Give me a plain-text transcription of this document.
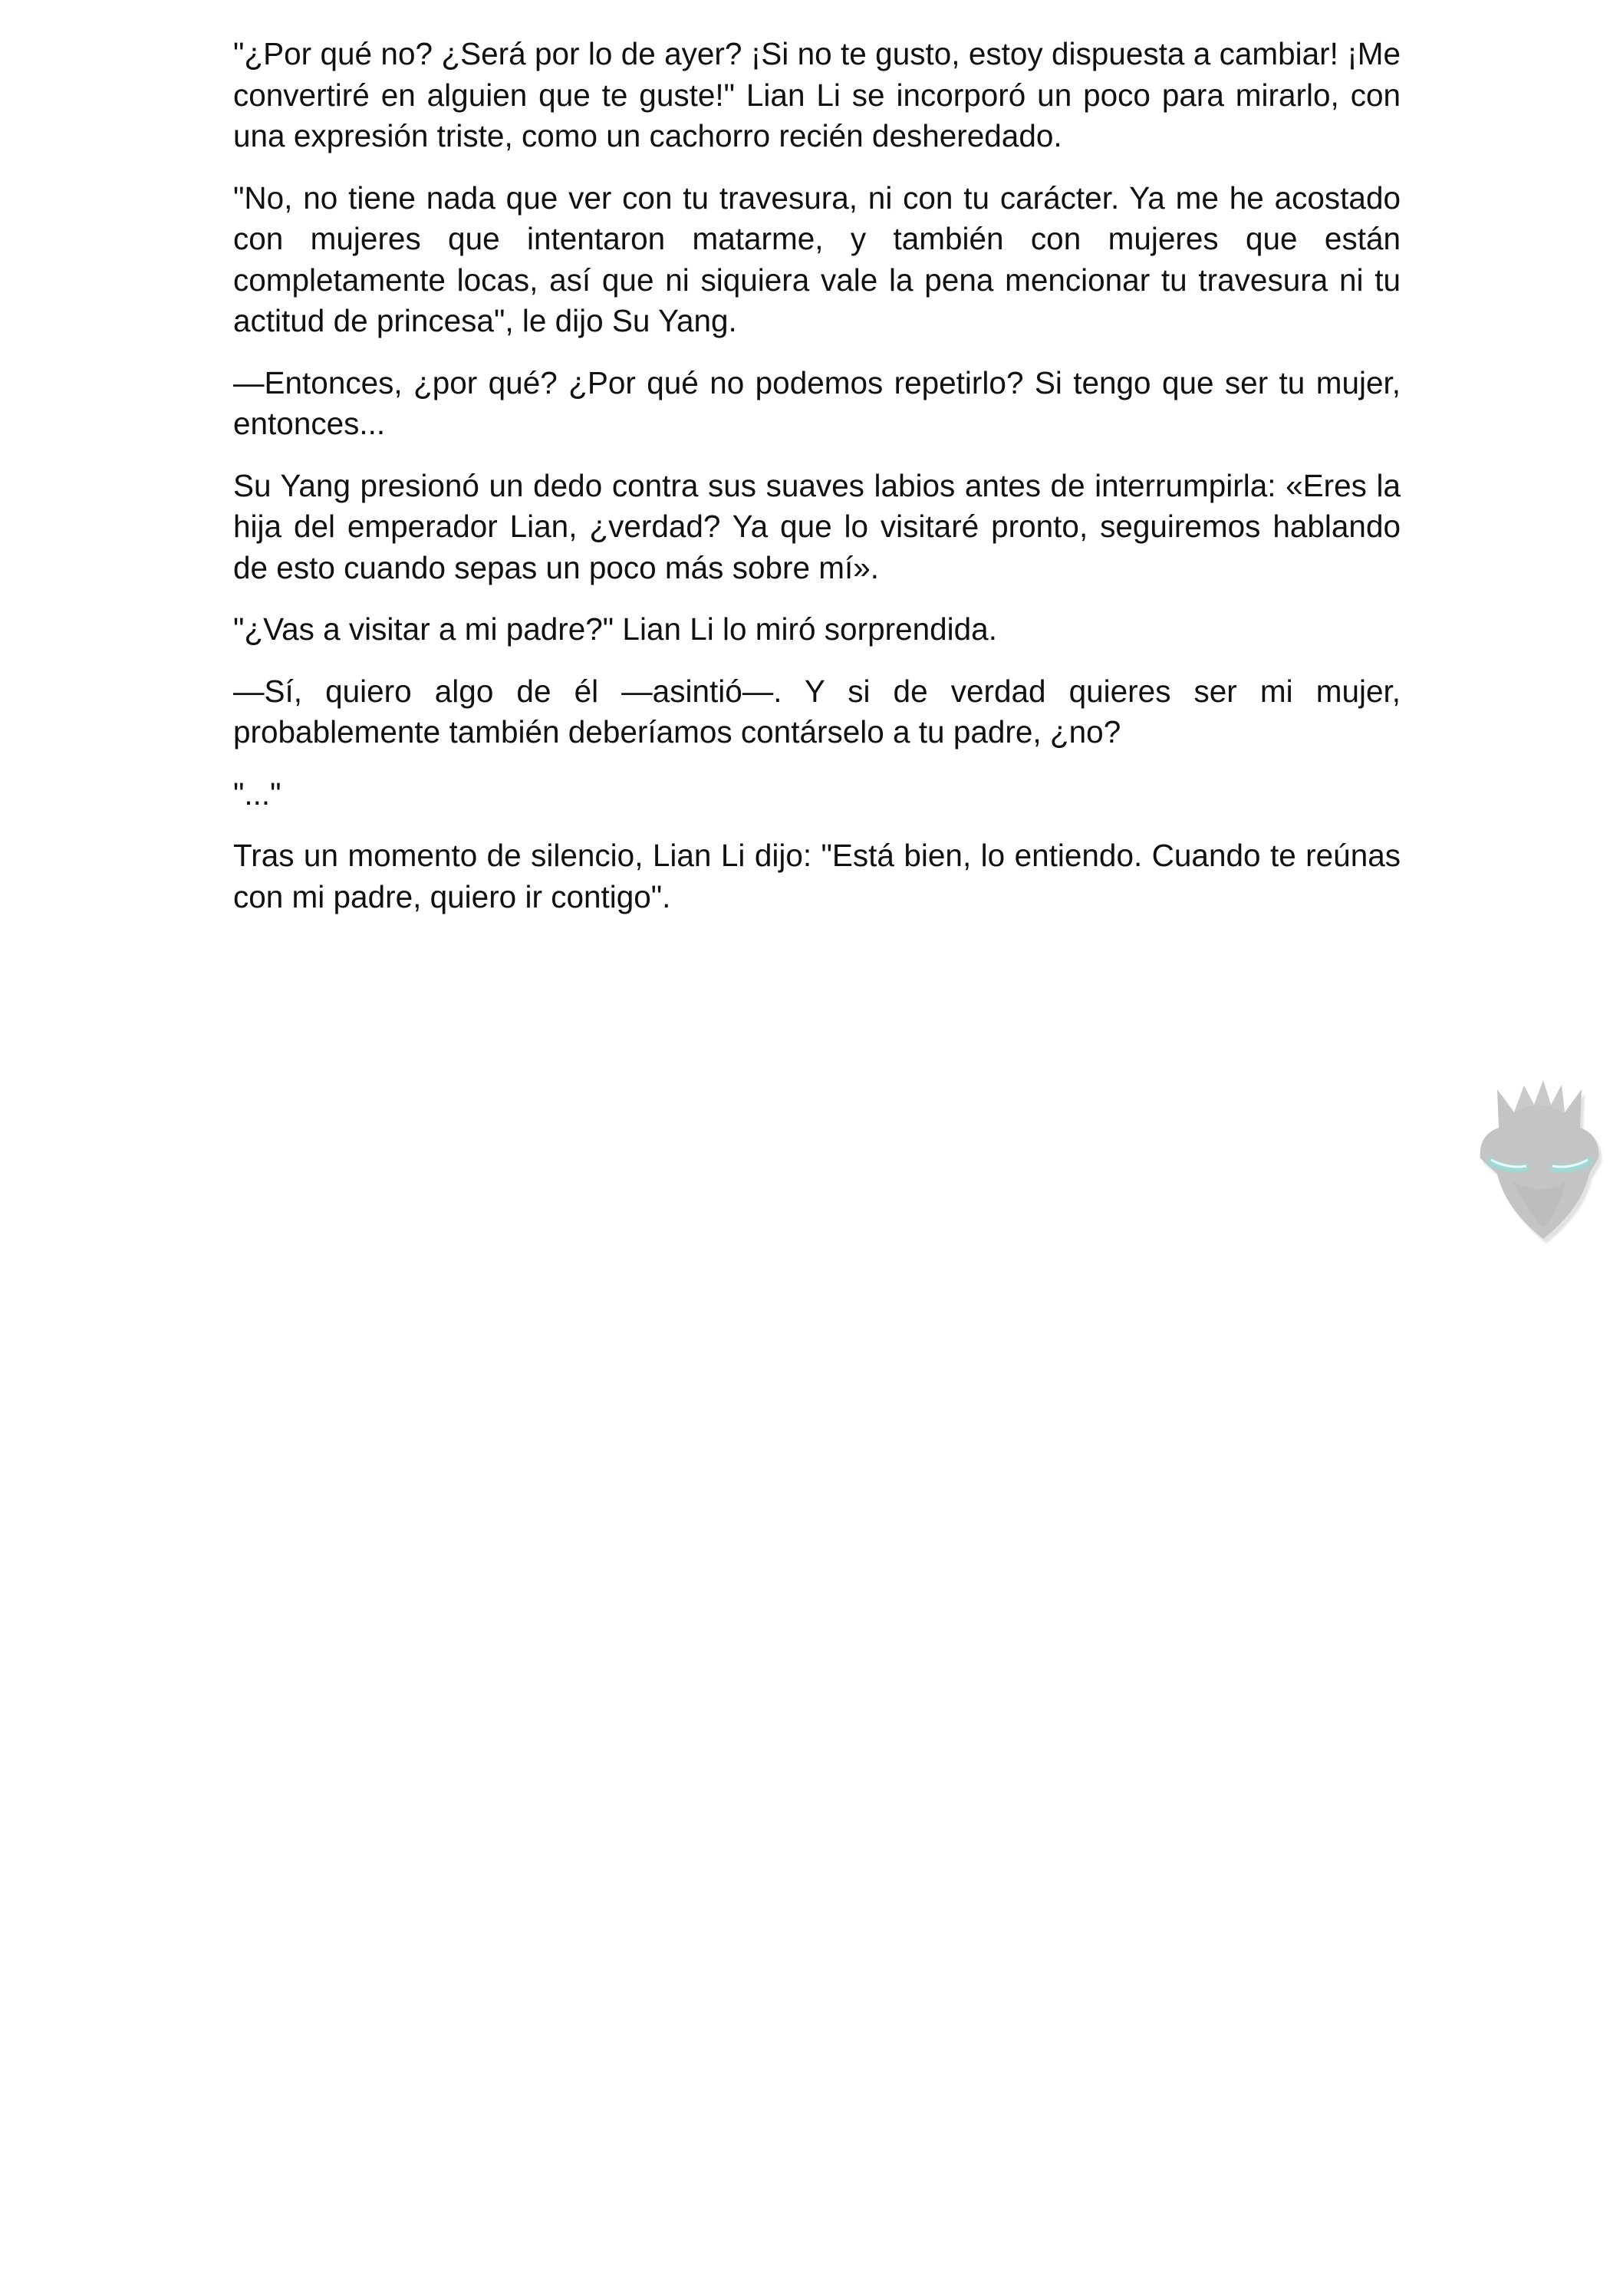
"¿Por qué no? ¿Será por lo de ayer? ¡Si no te gusto, estoy dispuesta a cambiar! ¡Me convertiré en alguien que te guste!" Lian Li se incorporó un poco para mirarlo, con una expresión triste, como un cachorro recién desheredado.

"No, no tiene nada que ver con tu travesura, ni con tu carácter. Ya me he acostado con mujeres que intentaron matarme, y también con mujeres que están completamente locas, así que ni siquiera vale la pena mencionar tu travesura ni tu actitud de princesa", le dijo Su Yang.

—Entonces, ¿por qué? ¿Por qué no podemos repetirlo? Si tengo que ser tu mujer, entonces...

Su Yang presionó un dedo contra sus suaves labios antes de interrumpirla: «Eres la hija del emperador Lian, ¿verdad? Ya que lo visitaré pronto, seguiremos hablando de esto cuando sepas un poco más sobre mí».

"¿Vas a visitar a mi padre?" Lian Li lo miró sorprendida.

—Sí, quiero algo de él —asintió—. Y si de verdad quieres ser mi mujer, probablemente también deberíamos contárselo a tu padre, ¿no?

"..."

Tras un momento de silencio, Lian Li dijo: "Está bien, lo entiendo. Cuando te reúnas con mi padre, quiero ir contigo".
